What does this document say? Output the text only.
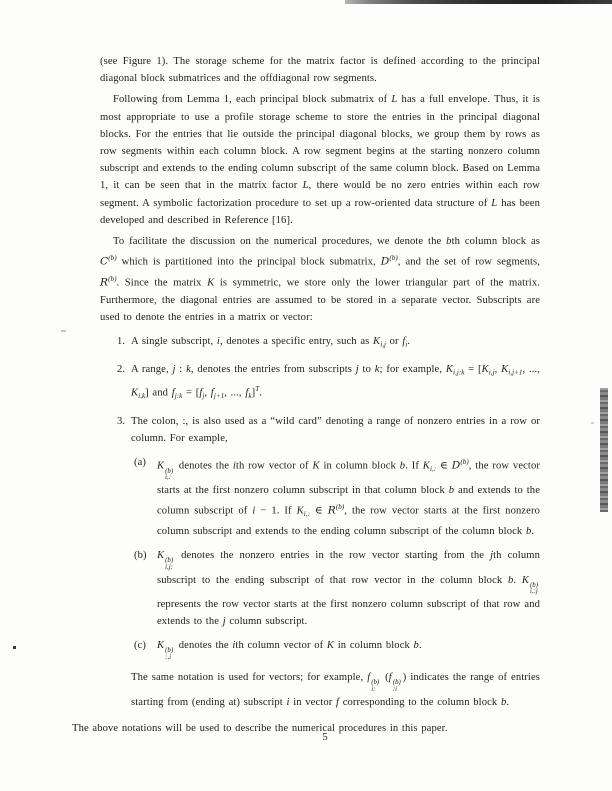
(see Figure 1). The storage scheme for the matrix factor is defined according to the principal diagonal block submatrices and the offdiagonal row segments.
Following from Lemma 1, each principal block submatrix of L has a full envelope. Thus, it is most appropriate to use a profile storage scheme to store the entries in the principal diagonal blocks. For the entries that lie outside the principal diagonal blocks, we group them by rows as row segments within each column block. A row segment begins at the starting nonzero column subscript and extends to the ending column subscript of the same column block. Based on Lemma 1, it can be seen that in the matrix factor L, there would be no zero entries within each row segment. A symbolic factorization procedure to set up a row-oriented data structure of L has been developed and described in Reference [16].
To facilitate the discussion on the numerical procedures, we denote the bth column block as $C^{(b)}$ which is partitioned into the principal block submatrix, $D^{(b)}$, and the set of row segments, $R^{(b)}$. Since the matrix K is symmetric, we store only the lower triangular part of the matrix. Furthermore, the diagonal entries are assumed to be stored in a separate vector. Subscripts are used to denote the entries in a matrix or vector:
1. A single subscript, i, denotes a specific entry, such as $K_{i,j}$ or $f_i$.
2. A range, j : k, denotes the entries from subscripts j to k; for example, $K_{i,j:k} = [K_{i,j}$, $K_{i,j+1}$, ..., $K_{i,k}$] and $f_{j:k} = [f_j$, $f_{j+1}$, ..., $f_k]^T$.
3. The colon, :, is also used as a “wild card” denoting a range of nonzero entries in a row or column. For example,
(a) K (b)
i,:
denotes the ith row vector of K in column block b. If $K_{i,:}$ ∈ $D^{(b)}$, the row vector starts at the first nonzero column subscript in that column block b and extends to the column subscript of i − 1. If $K_{i,:}$ ∈ $R^{(b)}$, the row vector starts at the first nonzero column subscript and extends to the ending column subscript of the column block b.
(b) K (b)
i,j:
denotes the nonzero entries in the row vector starting from the jth column subscript to the ending subscript of that row vector in the column block b. K (b)
i,:j
represents the row vector starts at the first nonzero column subscript of that row and extends to the j column subscript.
(c) K (b)
:,i
denotes the ith column vector of K in column block b.
The same notation is used for vectors; for example, f (b)
i:
(f (b)
:i
) indicates the range of entries starting from (ending at) subscript i in vector f corresponding to the column block b.
The above notations will be used to describe the numerical procedures in this paper.
5
